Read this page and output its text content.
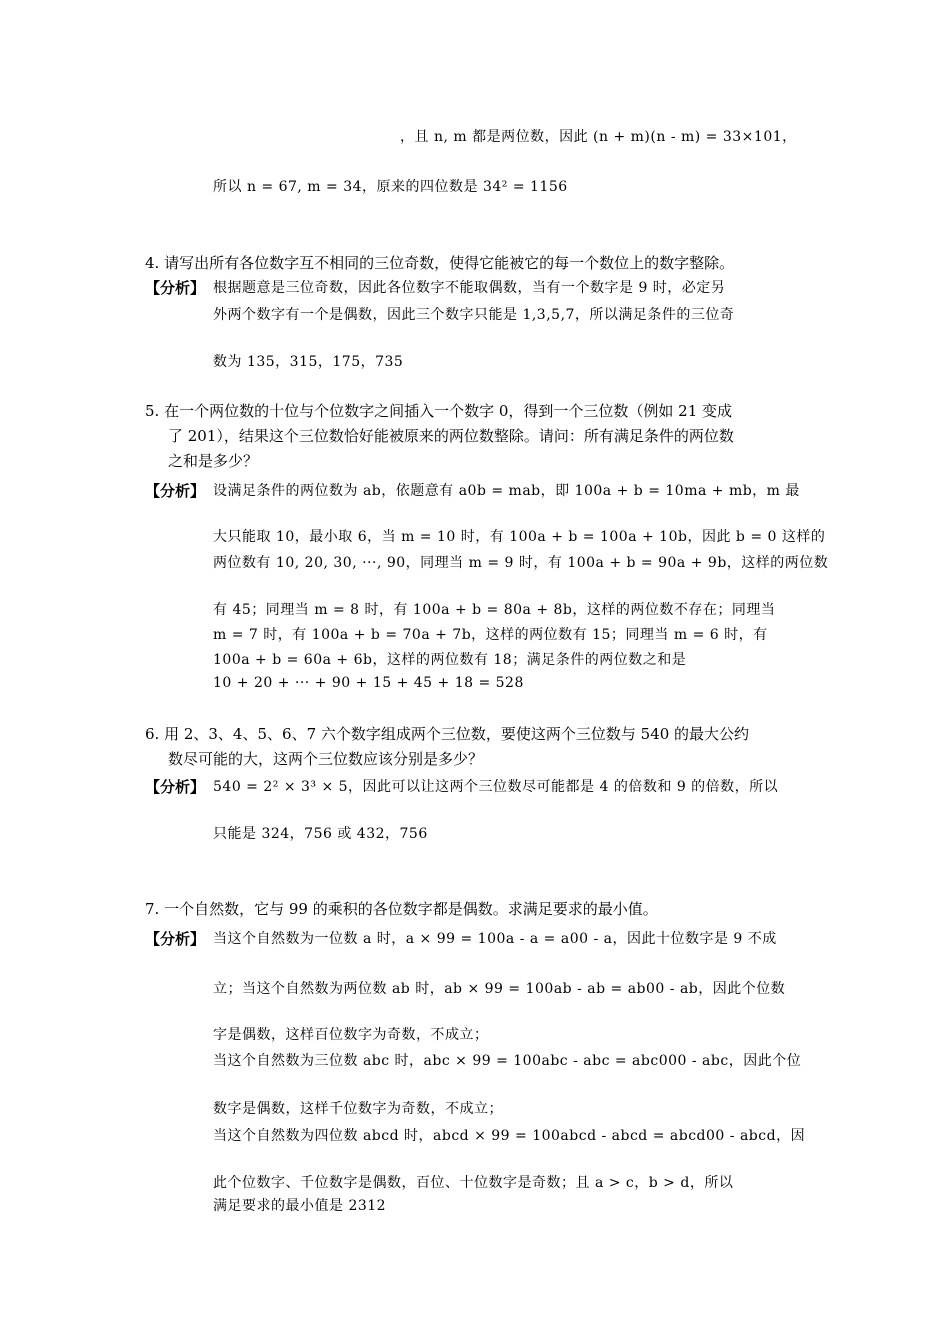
，且 n, m 都是两位数，因此 (n + m)(n - m) = 33×101，
所以 n = 67, m = 34，原来的四位数是 34² = 1156
4. 请写出所有各位数字互不相同的三位奇数，使得它能被它的每一个数位上的数字整除。
【分析】 根据题意是三位奇数，因此各位数字不能取偶数，当有一个数字是 9 时，必定另
外两个数字有一个是偶数，因此三个数字只能是 1,3,5,7，所以满足条件的三位奇
数为 135，315，175，735
5. 在一个两位数的十位与个位数字之间插入一个数字 0，得到一个三位数（例如 21 变成
了 201），结果这个三位数恰好能被原来的两位数整除。请问：所有满足条件的两位数
之和是多少？
【分析】 设满足条件的两位数为 ab，依题意有 a0b = mab，即 100a + b = 10ma + mb，m 最
大只能取 10，最小取 6，当 m = 10 时，有 100a + b = 100a + 10b，因此 b = 0 这样的
两位数有 10, 20, 30, ···, 90，同理当 m = 9 时，有 100a + b = 90a + 9b，这样的两位数
有 45；同理当 m = 8 时，有 100a + b = 80a + 8b，这样的两位数不存在；同理当
m = 7 时，有 100a + b = 70a + 7b，这样的两位数有 15；同理当 m = 6 时，有
100a + b = 60a + 6b，这样的两位数有 18；满足条件的两位数之和是
10 + 20 + ··· + 90 + 15 + 45 + 18 = 528
6. 用 2、3、4、5、6、7 六个数字组成两个三位数，要使这两个三位数与 540 的最大公约
数尽可能的大，这两个三位数应该分别是多少？
【分析】 540 = 2² × 3³ × 5，因此可以让这两个三位数尽可能都是 4 的倍数和 9 的倍数，所以
只能是 324，756 或 432，756
7. 一个自然数，它与 99 的乘积的各位数字都是偶数。求满足要求的最小值。
【分析】 当这个自然数为一位数 a 时，a × 99 = 100a - a = a00 - a，因此十位数字是 9 不成
立；当这个自然数为两位数 ab 时，ab × 99 = 100ab - ab = ab00 - ab，因此个位数
字是偶数，这样百位数字为奇数，不成立；
当这个自然数为三位数 abc 时，abc × 99 = 100abc - abc = abc000 - abc，因此个位
数字是偶数，这样千位数字为奇数，不成立；
当这个自然数为四位数 abcd 时，abcd × 99 = 100abcd - abcd = abcd00 - abcd，因
此个位数字、千位数字是偶数，百位、十位数字是奇数；且 a > c，b > d，所以
满足要求的最小值是 2312
